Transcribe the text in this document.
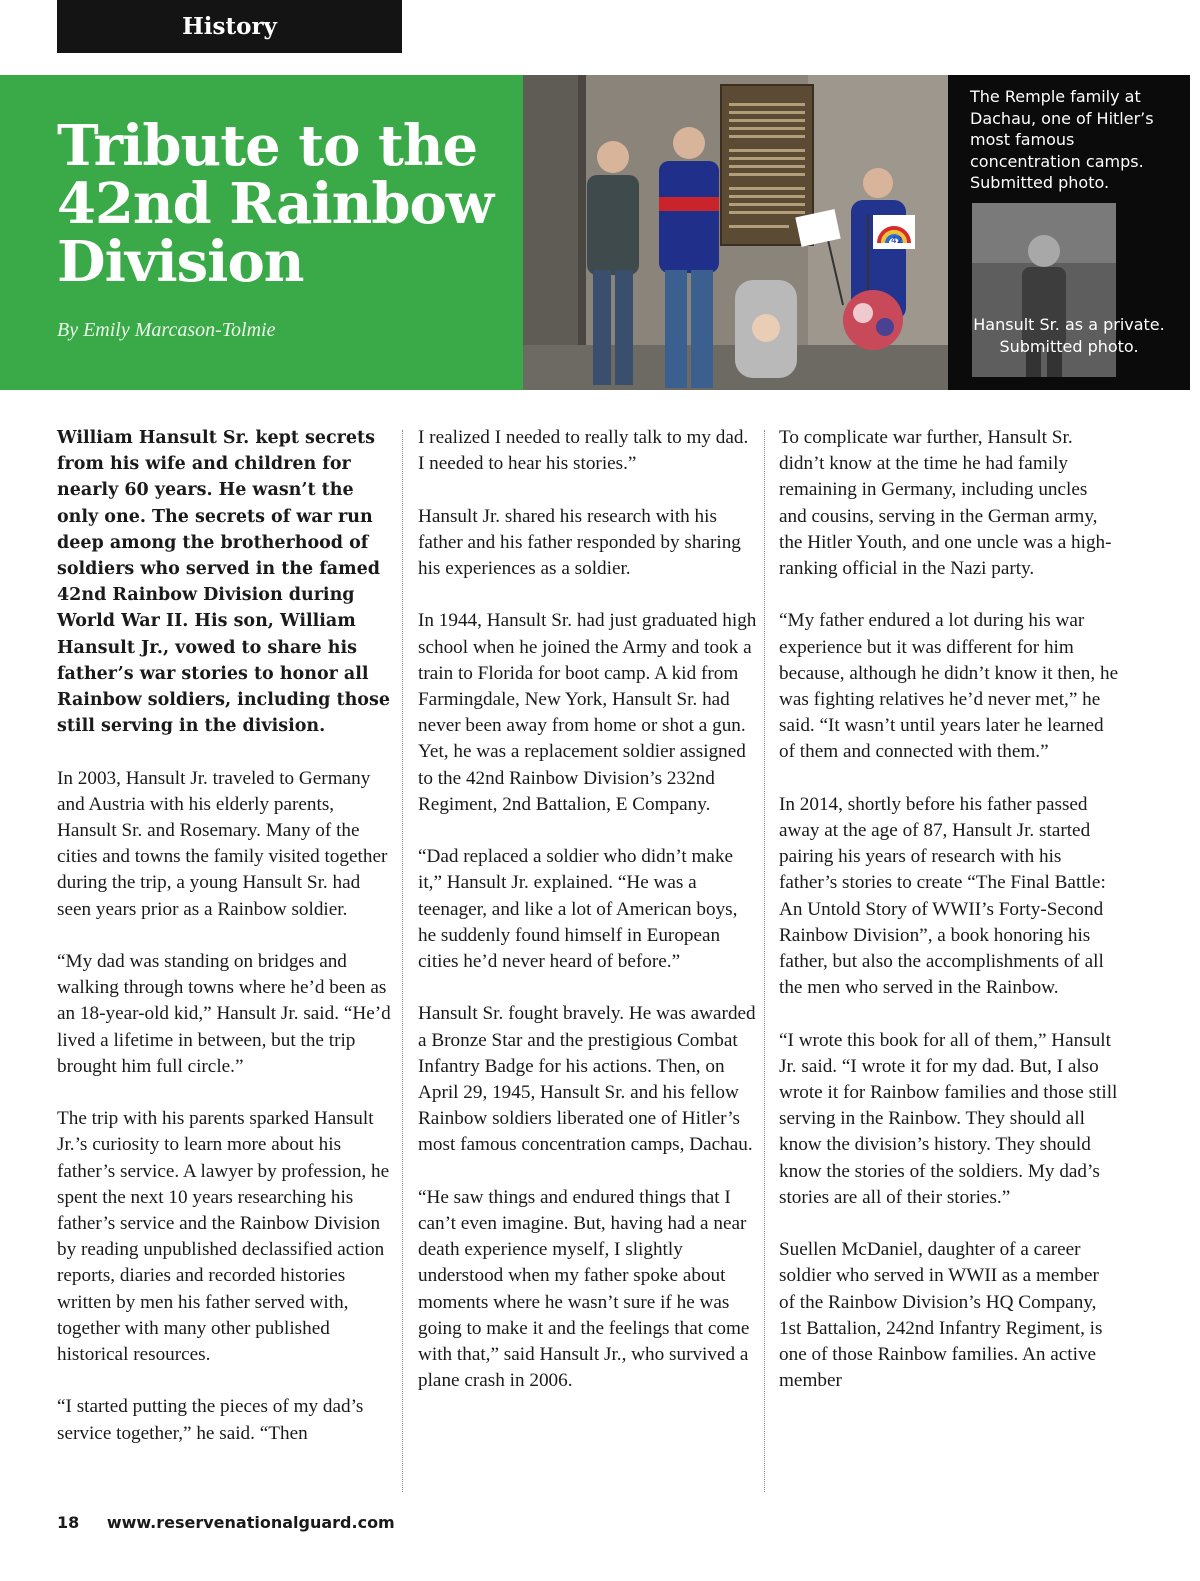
History
Tribute to the 42nd Rainbow Division

By Emily Marcason-Tolmie

42

The Remple family at Dachau, one of Hitler’s most famous concentration camps. Submitted photo.

Hansult Sr. as a private. Submitted photo.

William Hansult Sr. kept secrets from his wife and children for nearly 60 years. He wasn’t the only one. The secrets of war run deep among the brotherhood of soldiers who served in the famed 42nd Rainbow Division during World War II. His son, William Hansult Jr., vowed to share his father’s war stories to honor all Rainbow soldiers, including those still serving in the division.

In 2003, Hansult Jr. traveled to Germany and Austria with his elderly parents, Hansult Sr. and Rosemary. Many of the cities and towns the family visited together during the trip, a young Hansult Sr. had seen years prior as a Rainbow soldier.

“My dad was standing on bridges and walking through towns where he’d been as an 18-year-old kid,” Hansult Jr. said. “He’d lived a lifetime in between, but the trip brought him full circle.”

The trip with his parents sparked Hansult Jr.’s curiosity to learn more about his father’s service. A lawyer by profession, he spent the next 10 years researching his father’s service and the Rainbow Division by reading unpublished declassified action reports, diaries and recorded histories written by men his father served with, together with many other published historical resources.

“I started putting the pieces of my dad’s service together,” he said. “Then

I realized I needed to really talk to my dad. I needed to hear his stories.”

Hansult Jr. shared his research with his father and his father responded by sharing his experiences as a soldier.

In 1944, Hansult Sr. had just graduated high school when he joined the Army and took a train to Florida for boot camp. A kid from Farmingdale, New York, Hansult Sr. had never been away from home or shot a gun. Yet, he was a replacement soldier assigned to the 42nd Rainbow Division’s 232nd Regiment, 2nd Battalion, E Company.

“Dad replaced a soldier who didn’t make it,” Hansult Jr. explained. “He was a teenager, and like a lot of American boys, he suddenly found himself in European cities he’d never heard of before.”

Hansult Sr. fought bravely. He was awarded a Bronze Star and the prestigious Combat Infantry Badge for his actions. Then, on April 29, 1945, Hansult Sr. and his fellow Rainbow soldiers liberated one of Hitler’s most famous concentration camps, Dachau.

“He saw things and endured things that I can’t even imagine. But, having had a near death experience myself, I slightly understood when my father spoke about moments where he wasn’t sure if he was going to make it and the feelings that come with that,” said Hansult Jr., who survived a plane crash in 2006.

To complicate war further, Hansult Sr. didn’t know at the time he had family remaining in Germany, including uncles and cousins, serving in the German army, the Hitler Youth, and one uncle was a high-ranking official in the Nazi party.

“My father endured a lot during his war experience but it was different for him because, although he didn’t know it then, he was fighting relatives he’d never met,” he said. “It wasn’t until years later he learned of them and connected with them.”

In 2014, shortly before his father passed away at the age of 87, Hansult Jr. started pairing his years of research with his father’s stories to create “The Final Battle: An Untold Story of WWII’s Forty-Second Rainbow Division”, a book honoring his father, but also the accomplishments of all the men who served in the Rainbow.

“I wrote this book for all of them,” Hansult Jr. said. “I wrote it for my dad. But, I also wrote it for Rainbow families and those still serving in the Rainbow. They should all know the division’s history. They should know the stories of the soldiers. My dad’s stories are all of their stories.”

Suellen McDaniel, daughter of a career soldier who served in WWII as a member of the Rainbow Division’s HQ Company, 1st Battalion, 242nd Infantry Regiment, is one of those Rainbow families. An active member

18 www.reservenationalguard.com
